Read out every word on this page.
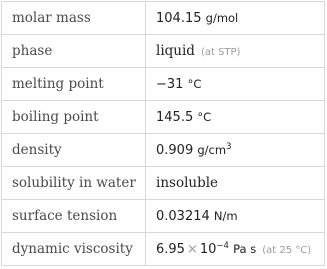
molar mass	104.15 g/mol
phase	liquid (at STP)
melting point	−31 °C
boiling point	145.5 °C
density	0.909 $g/cm^3$
solubility in water	insoluble
surface tension	0.03214 N/m
dynamic viscosity	$6.95 \times 10^{-4}$ Pa s (at 25 °C)
